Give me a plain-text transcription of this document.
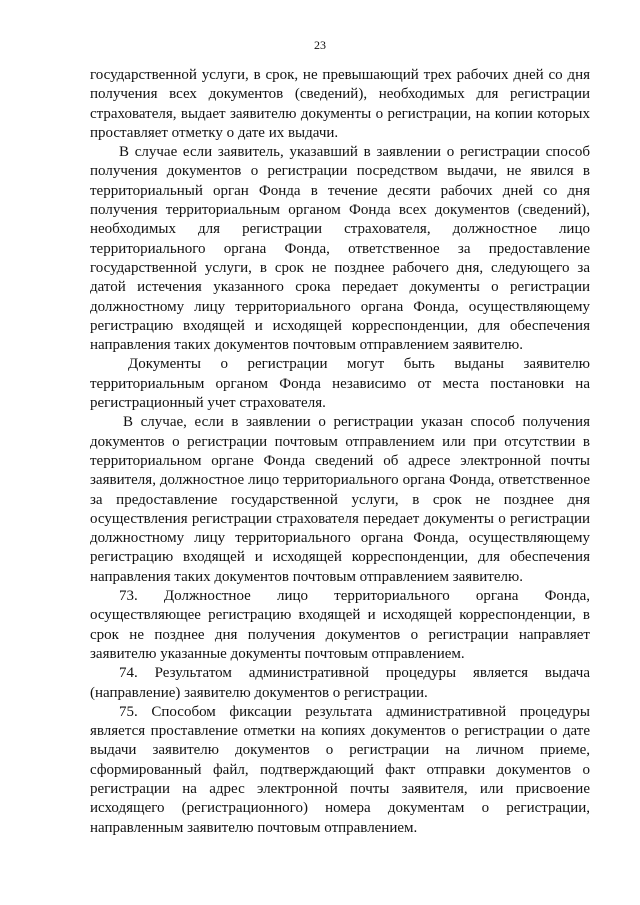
23

государственной услуги, в срок, не превышающий трех рабочих дней со дня получения всех документов (сведений), необходимых для регистрации страхователя, выдает заявителю документы о регистрации, на копии которых проставляет отметку о дате их выдачи.

В случае если заявитель, указавший в заявлении о регистрации способ получения документов о регистрации посредством выдачи, не явился в территориальный орган Фонда в течение десяти рабочих дней со дня получения территориальным органом Фонда всех документов (сведений), необходимых для регистрации страхователя, должностное лицо территориального органа Фонда, ответственное за предоставление государственной услуги, в срок не позднее рабочего дня, следующего за датой истечения указанного срока передает документы о регистрации должностному лицу территориального органа Фонда, осуществляющему регистрацию входящей и исходящей корреспонденции, для обеспечения направления таких документов почтовым отправлением заявителю.

Документы о регистрации могут быть выданы заявителю территориальным органом Фонда независимо от места постановки на регистрационный учет страхователя.

В случае, если в заявлении о регистрации указан способ получения документов о регистрации почтовым отправлением или при отсутствии в территориальном органе Фонда сведений об адресе электронной почты заявителя, должностное лицо территориального органа Фонда, ответственное за предоставление государственной услуги, в срок не позднее дня осуществления регистрации страхователя передает документы о регистрации должностному лицу территориального органа Фонда, осуществляющему регистрацию входящей и исходящей корреспонденции, для обеспечения направления таких документов почтовым отправлением заявителю.

73. Должностное лицо территориального органа Фонда, осуществляющее регистрацию входящей и исходящей корреспонденции, в срок не позднее дня получения документов о регистрации направляет заявителю указанные документы почтовым отправлением.

74. Результатом административной процедуры является выдача (направление) заявителю документов о регистрации.

75. Способом фиксации результата административной процедуры является проставление отметки на копиях документов о регистрации о дате выдачи заявителю документов о регистрации на личном приеме, сформированный файл, подтверждающий факт отправки документов о регистрации на адрес электронной почты заявителя, или присвоение исходящего (регистрационного) номера документам о регистрации, направленным заявителю почтовым отправлением.
